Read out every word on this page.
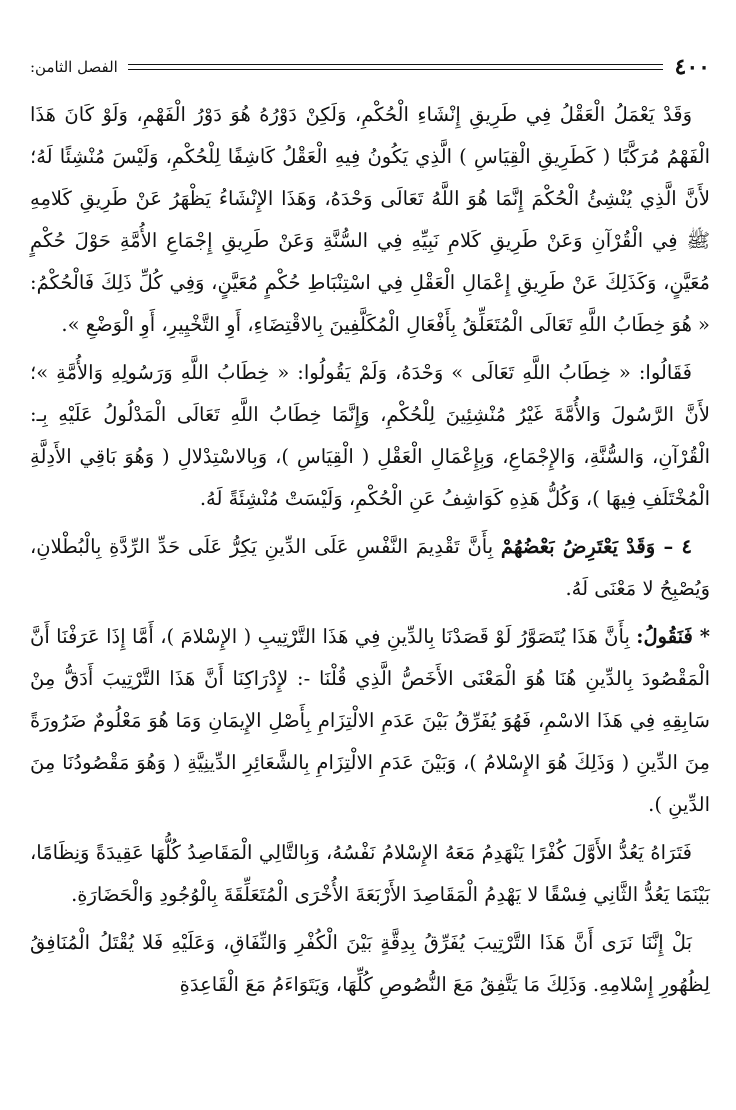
٤٠٠
الفصل الثامن:

وَقَدْ يَعْمَلُ الْعَقْلُ فِي طَرِيقِ إِنْشَاءِ الْحُكْمِ، وَلَكِنْ دَوْرُهُ هُوَ دَوْرُ الْفَهْمِ، وَلَوْ كَانَ هَذَا الْفَهْمُ مُرَكَّبًا ( كَطَرِيقِ الْقِيَاسِ ) الَّذِي يَكُونُ فِيهِ الْعَقْلُ كَاشِفًا لِلْحُكْمِ، وَلَيْسَ مُنْشِئًا لَهُ؛ لأَنَّ الَّذِي يُنْشِئُ الْحُكْمَ إِنَّمَا هُوَ اللَّهُ تَعَالَى وَحْدَهُ، وَهَذَا الإِنْشَاءُ يَظْهَرُ عَنْ طَرِيقِ كَلامِهِ ﷺ فِي الْقُرْآنِ وَعَنْ طَرِيقِ كَلامِ نَبِيِّهِ فِي السُّنَّةِ وَعَنْ طَرِيقِ إِجْمَاعِ الأُمَّةِ حَوْلَ حُكْمٍ مُعَيَّنٍ، وَكَذَلِكَ عَنْ طَرِيقِ إِعْمَالِ الْعَقْلِ فِي اسْتِنْبَاطِ حُكْمٍ مُعَيَّنٍ، وَفِي كُلِّ ذَلِكَ فَالْحُكْمُ: « هُوَ خِطَابُ اللَّهِ تَعَالَى الْمُتَعَلِّقُ بِأَفْعَالِ الْمُكَلَّفِينَ بِالاقْتِضَاءِ، أَوِ التَّخْيِيرِ، أَوِ الْوَضْعِ ».

فَقَالُوا: « خِطَابُ اللَّهِ تَعَالَى » وَحْدَهُ، وَلَمْ يَقُولُوا: « خِطَابُ اللَّهِ وَرَسُولِهِ وَالأُمَّةِ »؛ لأَنَّ الرَّسُولَ وَالأُمَّةَ غَيْرُ مُنْشِئِينَ لِلْحُكْمِ، وَإِنَّمَا خِطَابُ اللَّهِ تَعَالَى الْمَدْلُولُ عَلَيْهِ بِـ: الْقُرْآنِ، وَالسُّنَّةِ، وَالإِجْمَاعِ، وَبِإِعْمَالِ الْعَقْلِ ( الْقِيَاسِ )، وَبِالاسْتِدْلالِ ( وَهُوَ بَاقِي الأَدِلَّةِ الْمُخْتَلَفِ فِيهَا )، وَكُلُّ هَذِهِ كَوَاشِفُ عَنِ الْحُكْمِ، وَلَيْسَتْ مُنْشِئَةً لَهُ.

٤ – وَقَدْ يَعْتَرِضُ بَعْضُهُمْ بِأَنَّ تَقْدِيمَ النَّفْسِ عَلَى الدِّينِ يَكِرُّ عَلَى حَدِّ الرِّدَّةِ بِالْبُطْلانِ، وَيُصْبِحُ لا مَعْنَى لَهُ.

* فَنَقُولُ: بِأَنَّ هَذَا يُتَصَوَّرُ لَوْ قَصَدْنَا بِالدِّينِ فِي هَذَا التَّرْتِيبِ ( الإِسْلامَ )، أَمَّا إِذَا عَرَفْنَا أَنَّ الْمَقْصُودَ بِالدِّينِ هُنَا هُوَ الْمَعْنَى الأَخَصُّ الَّذِي قُلْنَا -: لإِدْرَاكِنَا أَنَّ هَذَا التَّرْتِيبَ أَدَقُّ مِنْ سَابِقِهِ فِي هَذَا الاسْمِ، فَهُوَ يُفَرِّقُ بَيْنَ عَدَمِ الالْتِزَامِ بِأَصْلِ الإِيمَانِ وَمَا هُوَ مَعْلُومٌ ضَرُورَةً مِنَ الدِّينِ ( وَذَلِكَ هُوَ الإِسْلامُ )، وَبَيْنَ عَدَمِ الالْتِزَامِ بِالشَّعَائِرِ الدِّينِيَّةِ ( وَهُوَ مَقْصُودُنَا مِنَ الدِّينِ ).

فَتَرَاهُ يَعُدُّ الأَوَّلَ كُفْرًا يَنْهَدِمُ مَعَهُ الإِسْلامُ نَفْسُهُ، وَبِالتَّالِي الْمَقَاصِدُ كُلُّهَا عَقِيدَةً وَنِظَامًا، بَيْنَمَا يَعُدُّ الثَّانِي فِسْقًا لا يَهْدِمُ الْمَقَاصِدَ الأَرْبَعَةَ الأُخْرَى الْمُتَعَلِّقَةَ بِالْوُجُودِ وَالْحَضَارَةِ.

بَلْ إِنَّنَا نَرَى أَنَّ هَذَا التَّرْتِيبَ يُفَرِّقُ بِدِقَّةٍ بَيْنَ الْكُفْرِ وَالنِّفَاقِ، وَعَلَيْهِ فَلا يُقْتَلُ الْمُنَافِقُ لِظُهُورِ إِسْلامِهِ. وَذَلِكَ مَا يَتَّفِقُ مَعَ النُّصُوصِ كُلِّهَا، وَيَتَوَاءَمُ مَعَ الْقَاعِدَةِ
